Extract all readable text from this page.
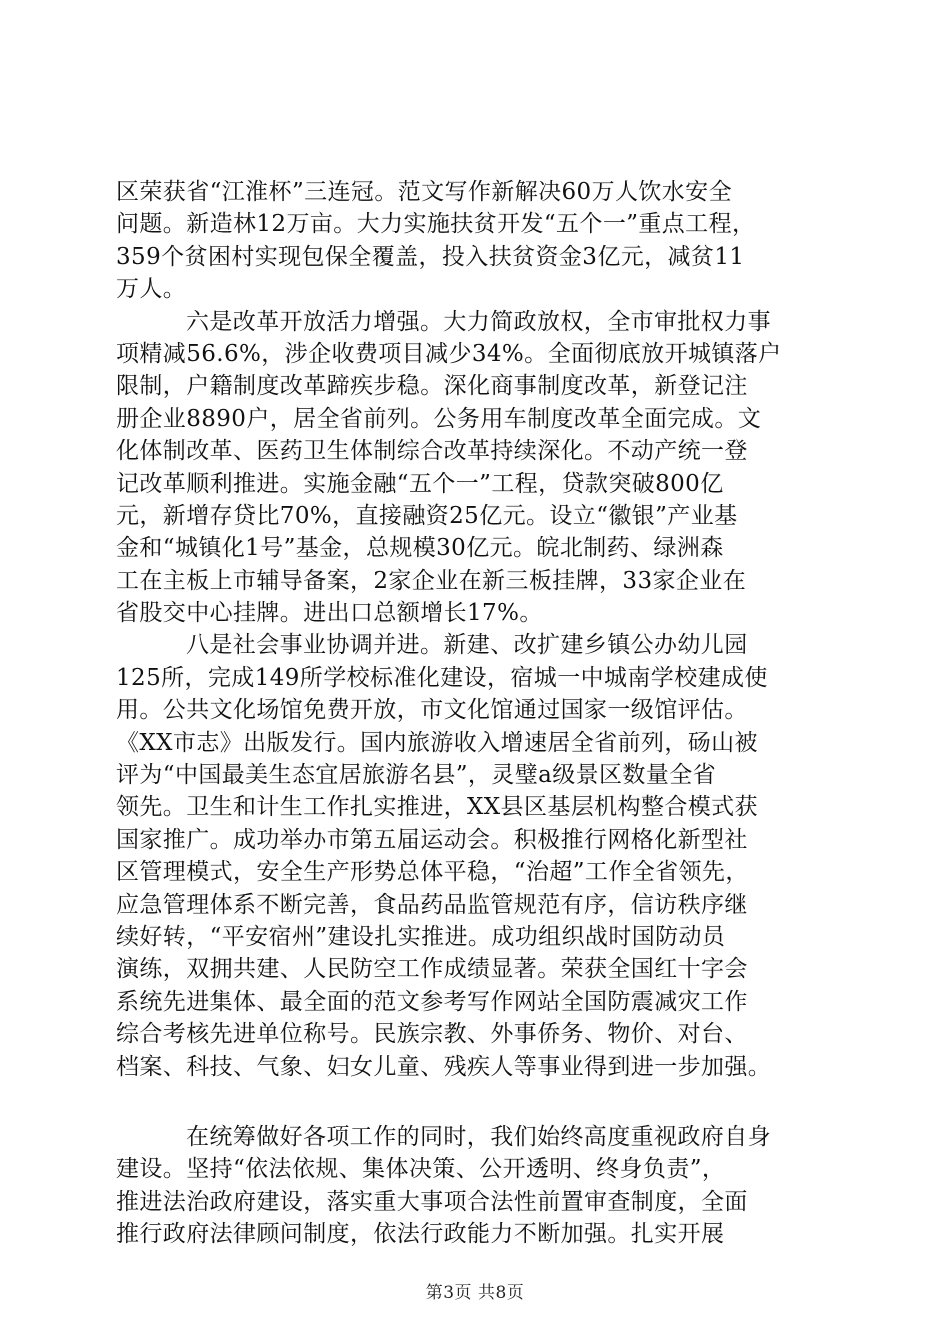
区荣获省“江淮杯”三连冠。范文写作新解决60万人饮水安全
问题。新造林12万亩。大力实施扶贫开发“五个一”重点工程，
359个贫困村实现包保全覆盖，投入扶贫资金3亿元，减贫11
万人。
六是改革开放活力增强。大力简政放权，全市审批权力事
项精减56.6%，涉企收费项目减少34%。全面彻底放开城镇落户
限制，户籍制度改革蹄疾步稳。深化商事制度改革，新登记注
册企业8890户，居全省前列。公务用车制度改革全面完成。文
化体制改革、医药卫生体制综合改革持续深化。不动产统一登
记改革顺利推进。实施金融“五个一”工程，贷款突破800亿
元，新增存贷比70%，直接融资25亿元。设立“徽银”产业基
金和“城镇化1号”基金，总规模30亿元。皖北制药、绿洲森
工在主板上市辅导备案，2家企业在新三板挂牌，33家企业在
省股交中心挂牌。进出口总额增长17%。
八是社会事业协调并进。新建、改扩建乡镇公办幼儿园
125所，完成149所学校标准化建设，宿城一中城南学校建成使
用。公共文化场馆免费开放，市文化馆通过国家一级馆评估。
《XX市志》出版发行。国内旅游收入增速居全省前列，砀山被
评为“中国最美生态宜居旅游名县”，灵璧a级景区数量全省
领先。卫生和计生工作扎实推进，XX县区基层机构整合模式获
国家推广。成功举办市第五届运动会。积极推行网格化新型社
区管理模式，安全生产形势总体平稳，“治超”工作全省领先，
应急管理体系不断完善，食品药品监管规范有序，信访秩序继
续好转，“平安宿州”建设扎实推进。成功组织战时国防动员
演练，双拥共建、人民防空工作成绩显著。荣获全国红十字会
系统先进集体、最全面的范文参考写作网站全国防震减灾工作
综合考核先进单位称号。民族宗教、外事侨务、物价、对台、
档案、科技、气象、妇女儿童、残疾人等事业得到进一步加强。
在统筹做好各项工作的同时，我们始终高度重视政府自身
建设。坚持“依法依规、集体决策、公开透明、终身负责”，
推进法治政府建设，落实重大事项合法性前置审查制度，全面
推行政府法律顾问制度，依法行政能力不断加强。扎实开展
第3页 共8页
